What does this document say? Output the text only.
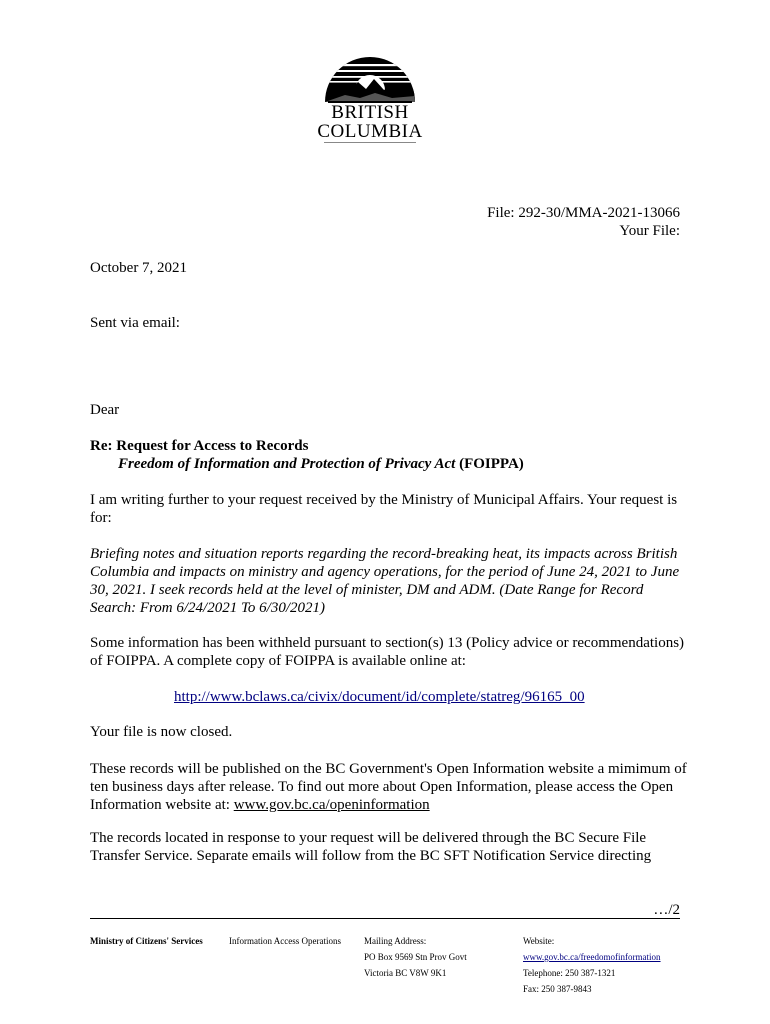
BRITISH
COLUMBIA
File: 292-30/MMA-2021-13066
Your File:
October 7, 2021
Sent via email:
Dear
Re: Request for Access to Records
Freedom of Information and Protection of Privacy Act (FOIPPA)
I am writing further to your request received by the Ministry of Municipal Affairs. Your request is for:
Briefing notes and situation reports regarding the record-breaking heat, its impacts across British Columbia and impacts on ministry and agency operations, for the period of June 24, 2021 to June 30, 2021. I seek records held at the level of minister, DM and ADM. (Date Range for Record Search: From 6/24/2021 To 6/30/2021)
Some information has been withheld pursuant to section(s) 13 (Policy advice or recommendations) of FOIPPA. A complete copy of FOIPPA is available online at:
http://www.bclaws.ca/civix/document/id/complete/statreg/96165_00
Your file is now closed.
These records will be published on the BC Government's Open Information website a mimimum of ten business days after release. To find out more about Open Information, please access the Open Information website at: www.gov.bc.ca/openinformation
The records located in response to your request will be delivered through the BC Secure File Transfer Service. Separate emails will follow from the BC SFT Notification Service directing
…/2
Ministry of Citizens' Services	Information Access Operations	Mailing Address:
PO Box 9569 Stn Prov Govt
Victoria BC V8W 9K1
Website:
www.gov.bc.ca/freedomofinformation
Telephone: 250 387-1321
Fax: 250 387-9843
